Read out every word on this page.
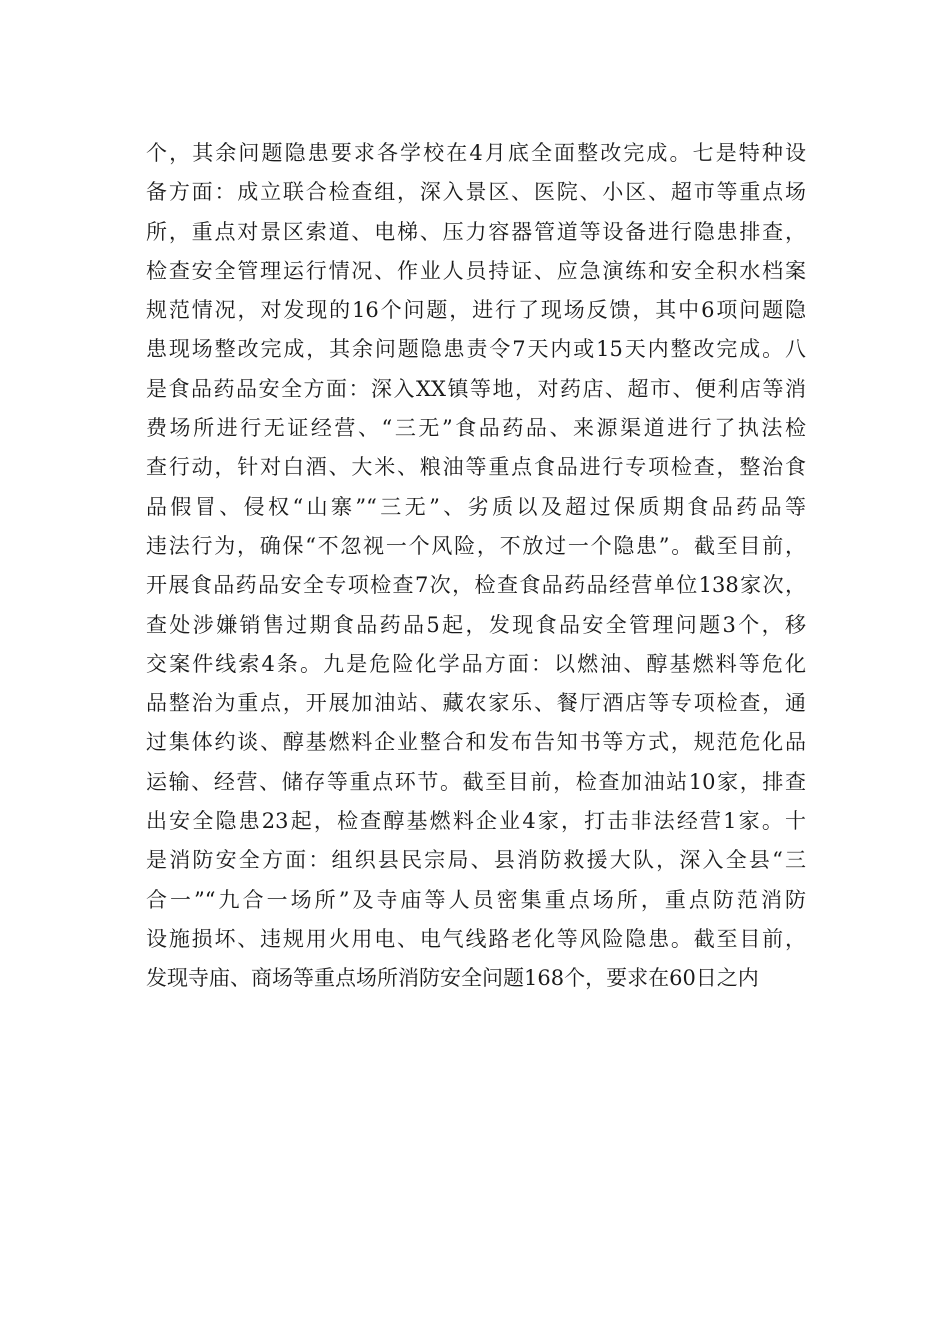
个，其余问题隐患要求各学校在4月底全面整改完成。七是特种设
备方面：成立联合检查组，深入景区、医院、小区、超市等重点场
所，重点对景区索道、电梯、压力容器管道等设备进行隐患排查，
检查安全管理运行情况、作业人员持证、应急演练和安全积水档案
规范情况，对发现的16个问题，进行了现场反馈，其中6项问题隐
患现场整改完成，其余问题隐患责令7天内或15天内整改完成。八
是食品药品安全方面：深入XX镇等地，对药店、超市、便利店等消
费场所进行无证经营、“三无”食品药品、来源渠道进行了执法检
查行动，针对白酒、大米、粮油等重点食品进行专项检查，整治食
品假冒、侵权“山寨”“三无”、劣质以及超过保质期食品药品等
违法行为，确保“不忽视一个风险，不放过一个隐患”。截至目前，
开展食品药品安全专项检查7次，检查食品药品经营单位138家次，
查处涉嫌销售过期食品药品5起，发现食品安全管理问题3个，移
交案件线索4条。九是危险化学品方面：以燃油、醇基燃料等危化
品整治为重点，开展加油站、藏农家乐、餐厅酒店等专项检查，通
过集体约谈、醇基燃料企业整合和发布告知书等方式，规范危化品
运输、经营、储存等重点环节。截至目前，检查加油站10家，排查
出安全隐患23起，检查醇基燃料企业4家，打击非法经营1家。十
是消防安全方面：组织县民宗局、县消防救援大队，深入全县“三
合一”“九合一场所”及寺庙等人员密集重点场所，重点防范消防
设施损坏、违规用火用电、电气线路老化等风险隐患。截至目前，
发现寺庙、商场等重点场所消防安全问题168个，要求在60日之内
